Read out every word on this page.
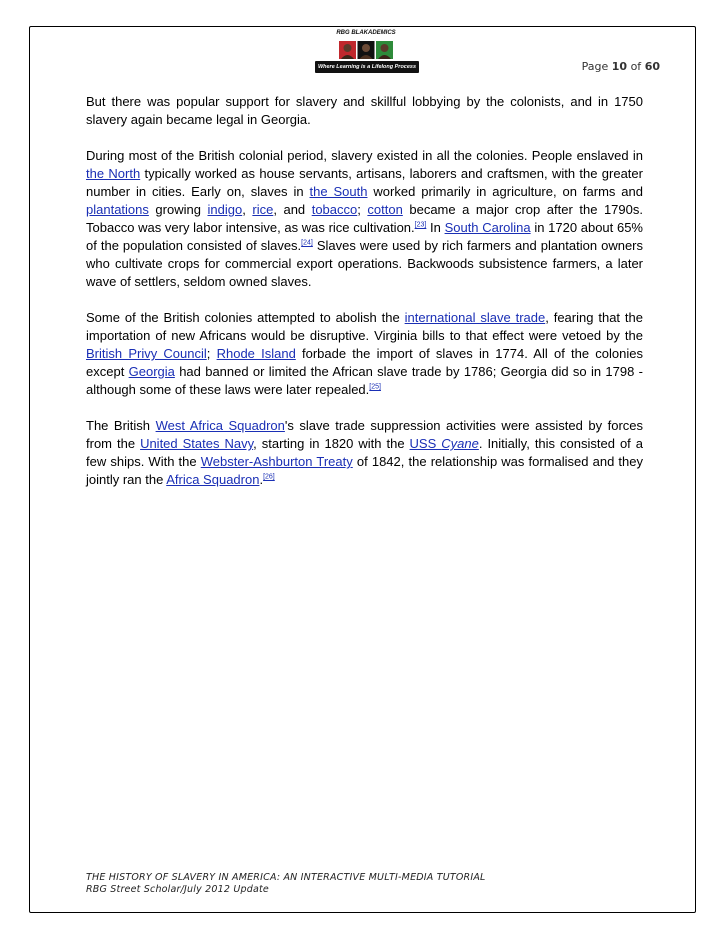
RBG BLAKADEMICS
Where Learning is a Lifelong Process	Page 10 of 60

But there was popular support for slavery and skillful lobbying by the colonists, and in 1750 slavery again became legal in Georgia.

During most of the British colonial period, slavery existed in all the colonies. People enslaved in the North typically worked as house servants, artisans, laborers and craftsmen, with the greater number in cities. Early on, slaves in the South worked primarily in agriculture, on farms and plantations growing indigo, rice, and tobacco; cotton became a major crop after the 1790s. Tobacco was very labor intensive, as was rice cultivation.[23] In South Carolina in 1720 about 65% of the population consisted of slaves.[24] Slaves were used by rich farmers and plantation owners who cultivate crops for commercial export operations. Backwoods subsistence farmers, a later wave of settlers, seldom owned slaves.

Some of the British colonies attempted to abolish the international slave trade, fearing that the importation of new Africans would be disruptive. Virginia bills to that effect were vetoed by the British Privy Council; Rhode Island forbade the import of slaves in 1774. All of the colonies except Georgia had banned or limited the African slave trade by 1786; Georgia did so in 1798 - although some of these laws were later repealed.[25]

The British West Africa Squadron's slave trade suppression activities were assisted by forces from the United States Navy, starting in 1820 with the USS Cyane. Initially, this consisted of a few ships. With the Webster-Ashburton Treaty of 1842, the relationship was formalised and they jointly ran the Africa Squadron.[26]

THE HISTORY OF SLAVERY IN AMERICA: AN INTERACTIVE MULTI-MEDIA TUTORIAL
RBG Street Scholar/July 2012 Update
